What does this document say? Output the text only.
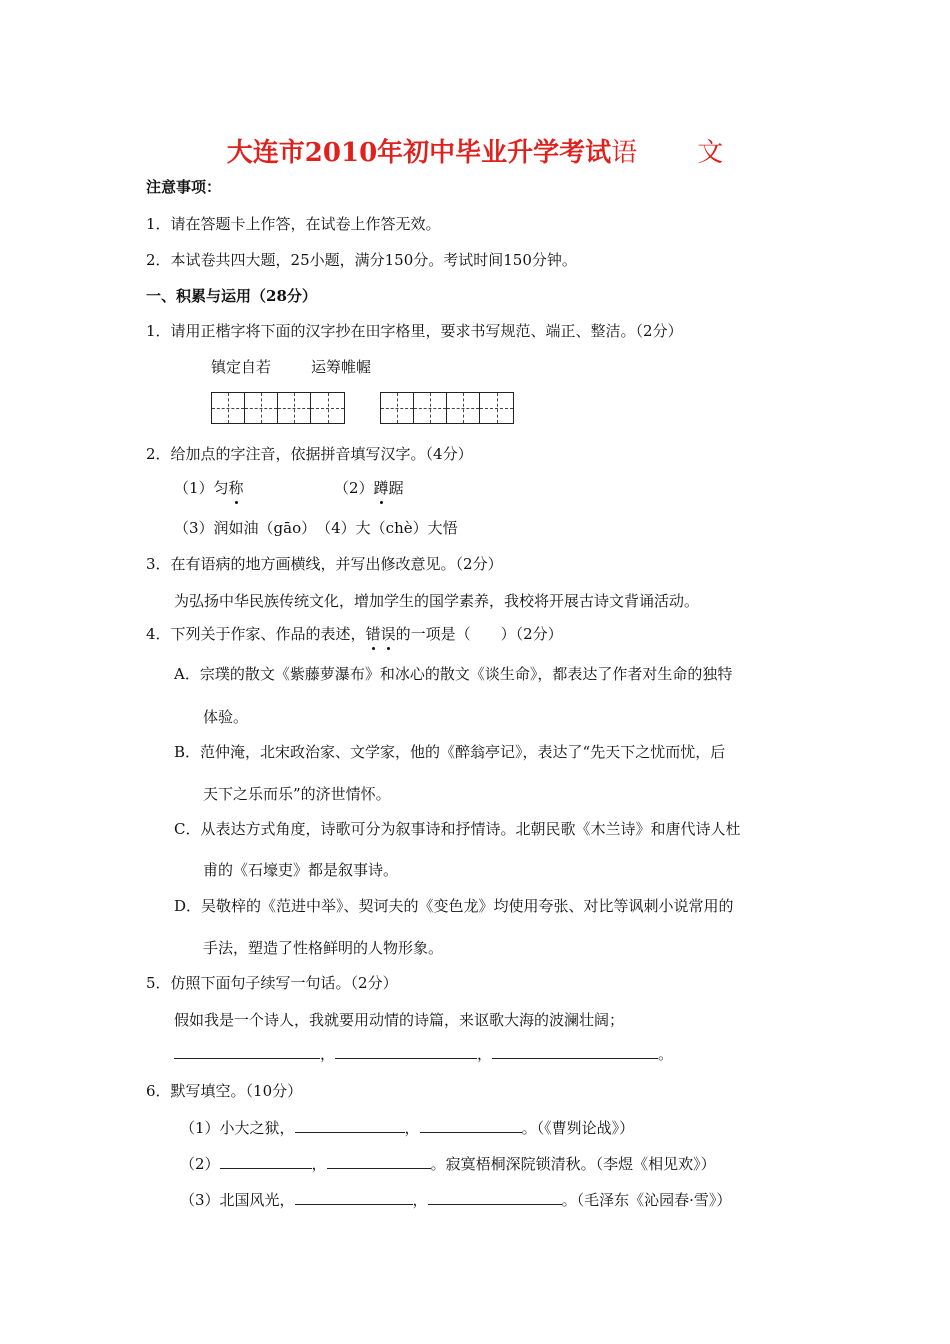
大连市2010年初中毕业升学考试语 文
注意事项：
1．请在答题卡上作答，在试卷上作答无效。
2．本试卷共四大题，25小题，满分150分。考试时间150分钟。
一、积累与运用（28分）
1．请用正楷字将下面的汉字抄在田字格里，要求书写规范、端正、整洁。（2分）
镇定自若	运筹帷幄
2．给加点的字注音，依据拼音填写汉字。（4分）
（1）匀称	（2）蹲踞
（3）润如油（gāo）　（4）大（chè）大悟
3．在有语病的地方画横线，并写出修改意见。（2分）
为弘扬中华民族传统文化，增加学生的国学素养，我校将开展古诗文背诵活动。
4．下列关于作家、作品的表述，错误的一项是（　　）（2分）
A．宗璞的散文《紫藤萝瀑布》和冰心的散文《谈生命》，都表达了作者对生命的独特
体验。
B．范仲淹，北宋政治家、文学家，他的《醉翁亭记》，表达了“先天下之忧而忧，后
天下之乐而乐”的济世情怀。
C．从表达方式角度，诗歌可分为叙事诗和抒情诗。北朝民歌《木兰诗》和唐代诗人杜
甫的《石壕吏》都是叙事诗。
D．吴敬梓的《范进中举》、契诃夫的《变色龙》均使用夸张、对比等讽刺小说常用的
手法，塑造了性格鲜明的人物形象。
5．仿照下面句子续写一句话。（2分）
假如我是一个诗人，我就要用动情的诗篇，来讴歌大海的波澜壮阔；
，	，	。
6．默写填空。（10分）
（1）小大之狱，	，	。（《曹刿论战》）
（2）	，	。寂寞梧桐深院锁清秋。（李煜《相见欢》）
（3）北国风光，	，	。（毛泽东《沁园春·雪》）
